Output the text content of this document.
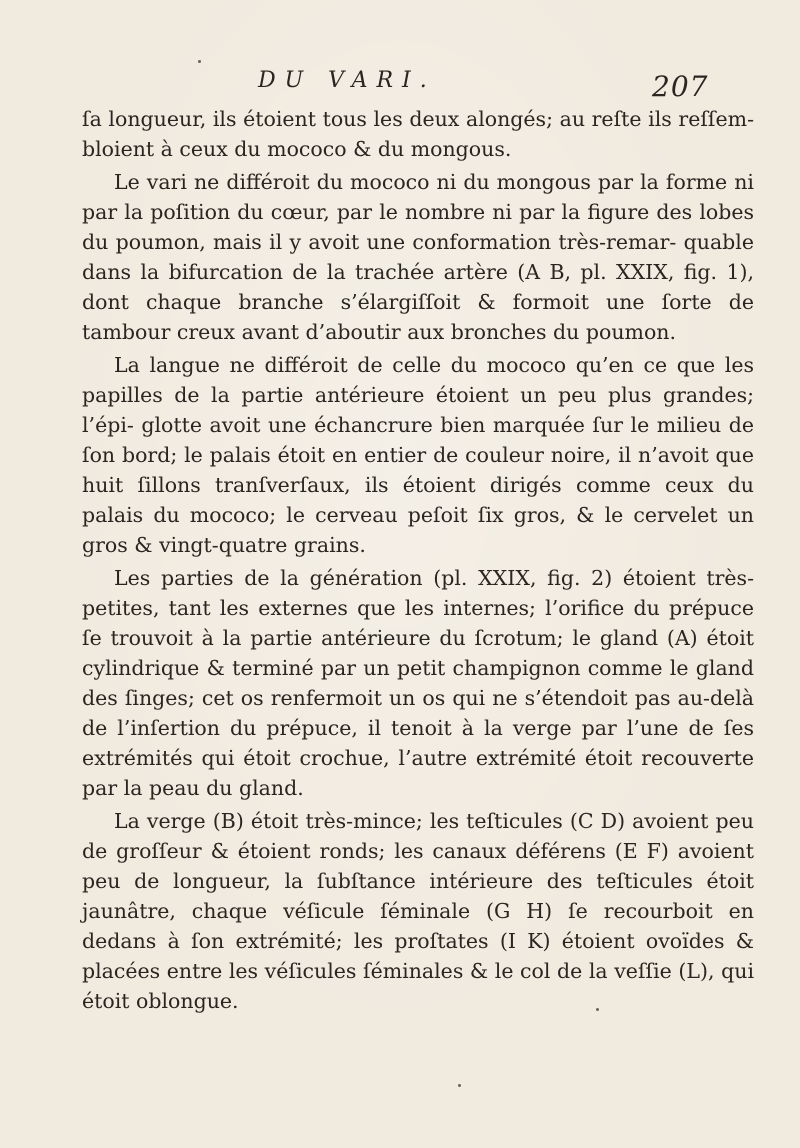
DU VARI.	207

ſa longueur, ils étoient tous les deux alongés; au reſte ils reſſem- bloient à ceux du mococo & du mongous.

Le vari ne différoit du mococo ni du mongous par la forme ni par la poſition du cœur, par le nombre ni par la figure des lobes du poumon, mais il y avoit une conformation très-remar- quable dans la bifurcation de la trachée artère (A B, pl. XXIX, fig. 1), dont chaque branche s’élargiſſoit & formoit une ſorte de tambour creux avant d’aboutir aux bronches du poumon.

La langue ne différoit de celle du mococo qu’en ce que les papilles de la partie antérieure étoient un peu plus grandes; l’épi- glotte avoit une échancrure bien marquée ſur le milieu de ſon bord; le palais étoit en entier de couleur noire, il n’avoit que huit ſillons tranſverſaux, ils étoient dirigés comme ceux du palais du mococo; le cerveau peſoit ſix gros, & le cervelet un gros & vingt-quatre grains.

Les parties de la génération (pl. XXIX, fig. 2) étoient très- petites, tant les externes que les internes; l’orifice du prépuce ſe trouvoit à la partie antérieure du ſcrotum; le gland (A) étoit cylindrique & terminé par un petit champignon comme le gland des ſinges; cet os renfermoit un os qui ne s’étendoit pas au-delà de l’inſertion du prépuce, il tenoit à la verge par l’une de ſes extrémités qui étoit crochue, l’autre extrémité étoit recouverte par la peau du gland.

La verge (B) étoit très-mince; les teſticules (C D) avoient peu de groſſeur & étoient ronds; les canaux déférens (E F) avoient peu de longueur, la ſubſtance intérieure des teſticules étoit jaunâtre, chaque véſicule ſéminale (G H) ſe recourboit en dedans à ſon extrémité; les proſtates (I K) étoient ovoïdes & placées entre les véſicules ſéminales & le col de la veſſie (L), qui étoit oblongue.
